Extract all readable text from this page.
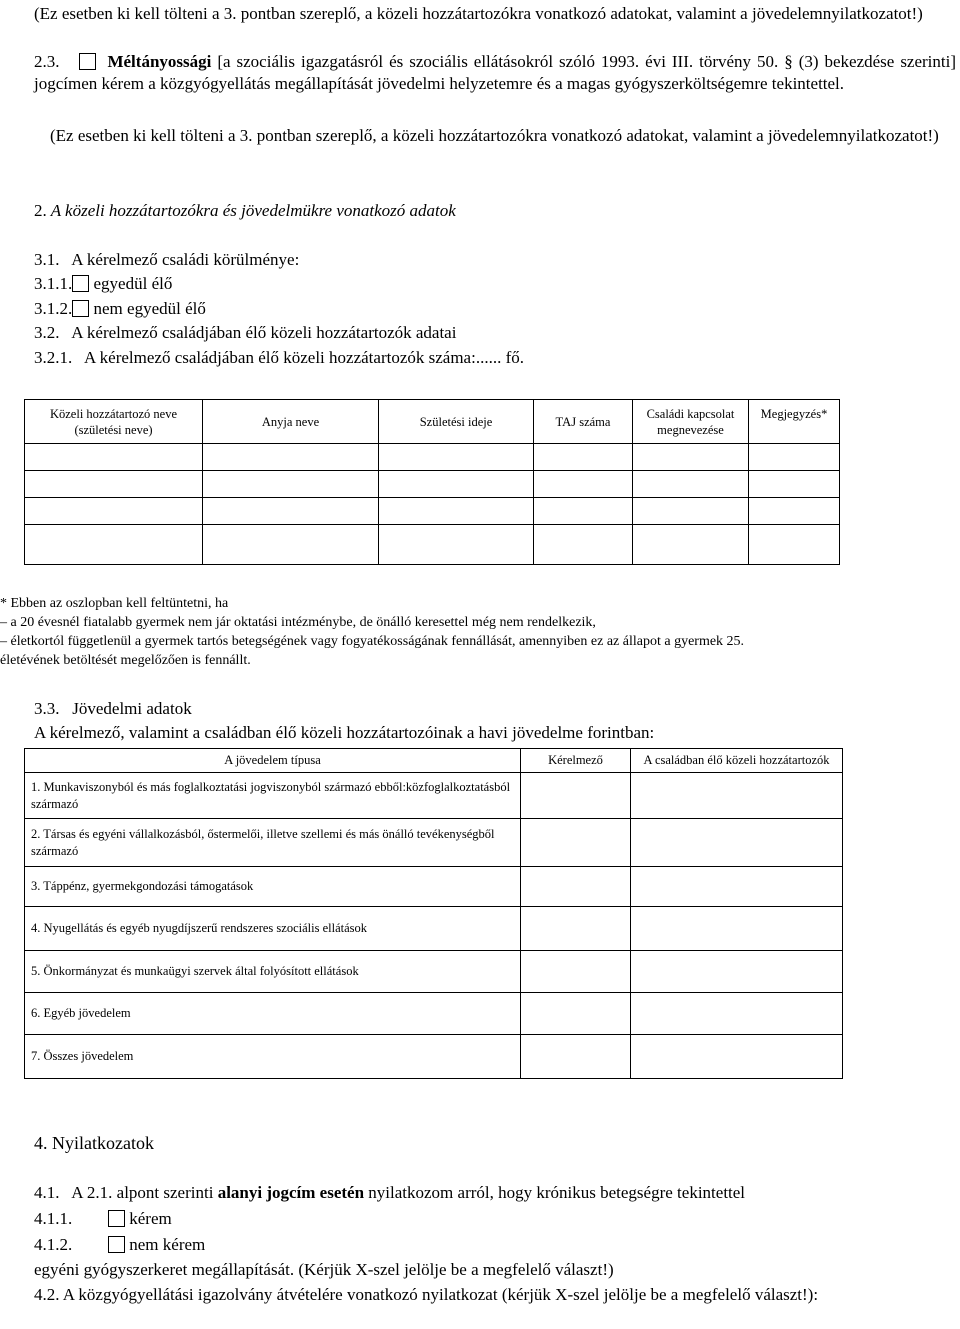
(Ez esetben ki kell tölteni a 3. pontban szereplő, a közeli hozzátartozókra vonatkozó adatokat, valamint a jövedelemnyilatkozatot!)
2.3.	Méltányossági [a szociális igazgatásról és szociális ellátásokról szóló 1993. évi III. törvény 50. § (3) bekezdése szerinti] jogcímen kérem a közgyógyellátás megállapítását jövedelmi helyzetemre és a magas gyógyszerköltségemre tekintettel.
(Ez esetben ki kell tölteni a 3. pontban szereplő, a közeli hozzátartozókra vonatkozó adatokat, valamint a jövedelemnyilatkozatot!)
2. A közeli hozzátartozókra és jövedelmükre vonatkozó adatok
3.1.   A kérelmező családi körülménye:
3.1.1. egyedül élő
3.1.2. nem egyedül élő
3.2.   A kérelmező családjában élő közeli hozzátartozók adatai
3.2.1.   A kérelmező családjában élő közeli hozzátartozók száma:...... fő.
Közeli hozzátartozó neve (születési neve)	Anyja neve	Születési ideje	TAJ száma	Családi kapcsolat megnevezése	Megjegyzés*

* Ebben az oszlopban kell feltüntetni, ha
– a 20 évesnél fiatalabb gyermek nem jár oktatási intézménybe, de önálló keresettel még nem rendelkezik,
– életkortól függetlenül a gyermek tartós betegségének vagy fogyatékosságának fennállását, amennyiben ez az állapot a gyermek 25.
életévének betöltését megelőzően is fennállt.
3.3.   Jövedelmi adatok
A kérelmező, valamint a családban élő közeli hozzátartozóinak a havi jövedelme forintban:
A jövedelem típusa	Kérelmező	A családban élő közeli hozzátartozók
1. Munkaviszonyból és más foglalkoztatási jogviszonyból származó ebből:közfoglalkoztatásból származó		
2. Társas és egyéni vállalkozásból, őstermelői, illetve szellemi és más önálló tevékenységből származó		
3. Táppénz, gyermekgondozási támogatások		
4. Nyugellátás és egyéb nyugdíjszerű rendszeres szociális ellátások		
5. Önkormányzat és munkaügyi szervek által folyósított ellátások		
6. Egyéb jövedelem		
7. Összes jövedelem		
4. Nyilatkozatok
4.1.   A 2.1. alpont szerinti alanyi jogcím esetén nyilatkozom arról, hogy krónikus betegségre tekintettel
4.1.1.	kérem
4.1.2.	nem kérem
egyéni gyógyszerkeret megállapítását. (Kérjük X-szel jelölje be a megfelelő választ!)
4.2. A közgyógyellátási igazolvány átvételére vonatkozó nyilatkozat (kérjük X-szel jelölje be a megfelelő választ!):
